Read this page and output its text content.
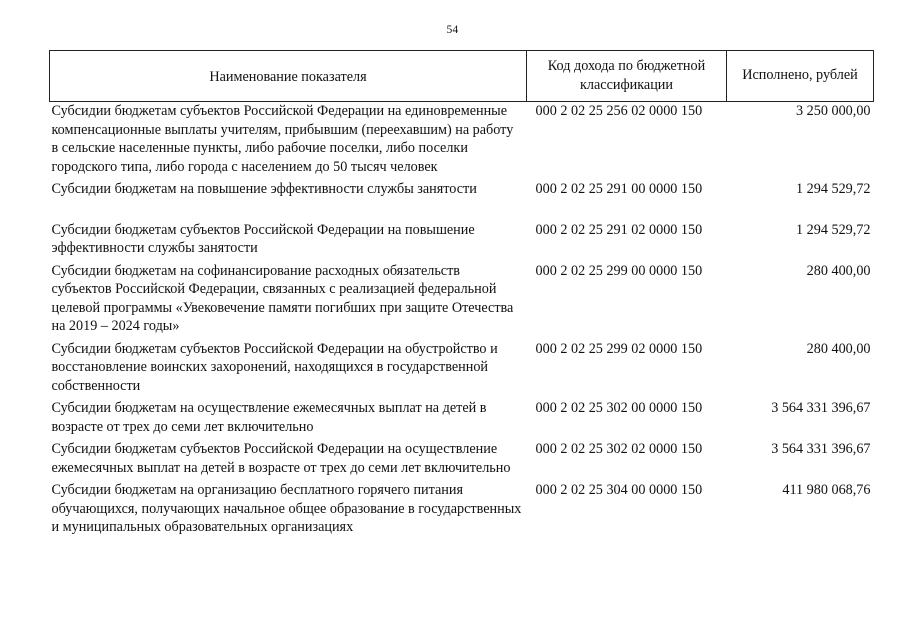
54
Наименование показателя	Код дохода по бюджетной классификации	Исполнено, рублей
Субсидии бюджетам субъектов Российской Федерации на единовременные компенсационные выплаты учителям, прибывшим (переехавшим) на работу в сельские населенные пункты, либо рабочие поселки, либо поселки городского типа, либо города с населением до 50 тысяч человек	000 2 02 25 256 02 0000 150	3 250 000,00
Субсидии бюджетам на повышение эффективности службы занятости	000 2 02 25 291 00 0000 150	1 294 529,72
Субсидии бюджетам субъектов Российской Федерации на повышение эффективности службы занятости	000 2 02 25 291 02 0000 150	1 294 529,72
Субсидии бюджетам на софинансирование расходных обязательств субъектов Российской Федерации, связанных с реализацией федеральной целевой программы «Увековечение памяти погибших при защите Отечества на 2019 – 2024 годы»	000 2 02 25 299 00 0000 150	280 400,00
Субсидии бюджетам субъектов Российской Федерации на обустройство и восстановление воинских захоронений, находящихся в государственной собственности	000 2 02 25 299 02 0000 150	280 400,00
Субсидии бюджетам на осуществление ежемесячных выплат на детей в возрасте от трех до семи лет включительно	000 2 02 25 302 00 0000 150	3 564 331 396,67
Субсидии бюджетам субъектов Российской Федерации на осуществление ежемесячных выплат на детей в возрасте от трех до семи лет включительно	000 2 02 25 302 02 0000 150	3 564 331 396,67
Субсидии бюджетам на организацию бесплатного горячего питания обучающихся, получающих начальное общее образование в государственных и муниципальных образовательных организациях	000 2 02 25 304 00 0000 150	411 980 068,76
